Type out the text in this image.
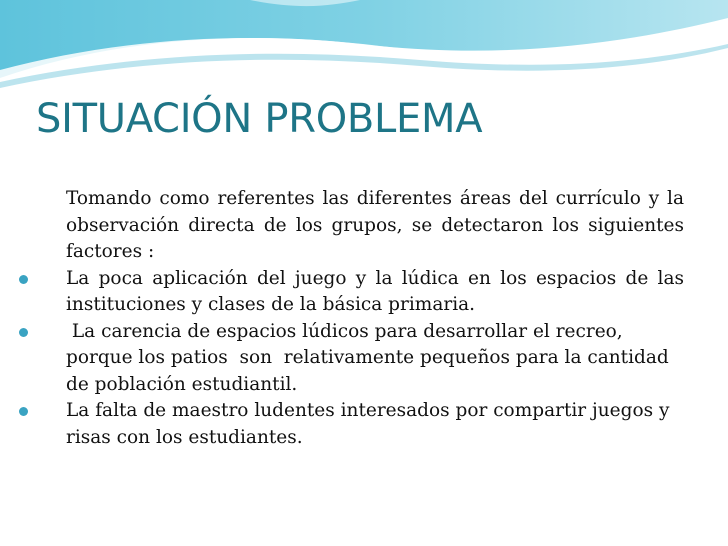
SITUACIÓN PROBLEMA

Tomando como referentes las diferentes áreas del currículo y la observación directa de los grupos, se detectaron los siguientes factores :

La poca aplicación del juego y la lúdica en los espacios de las instituciones y clases de la básica primaria.
La carencia de espacios lúdicos para desarrollar el recreo, porque los patios  son  relativamente pequeños para la cantidad de población estudiantil.
La falta de maestro ludentes interesados por compartir juegos y risas con los estudiantes.
